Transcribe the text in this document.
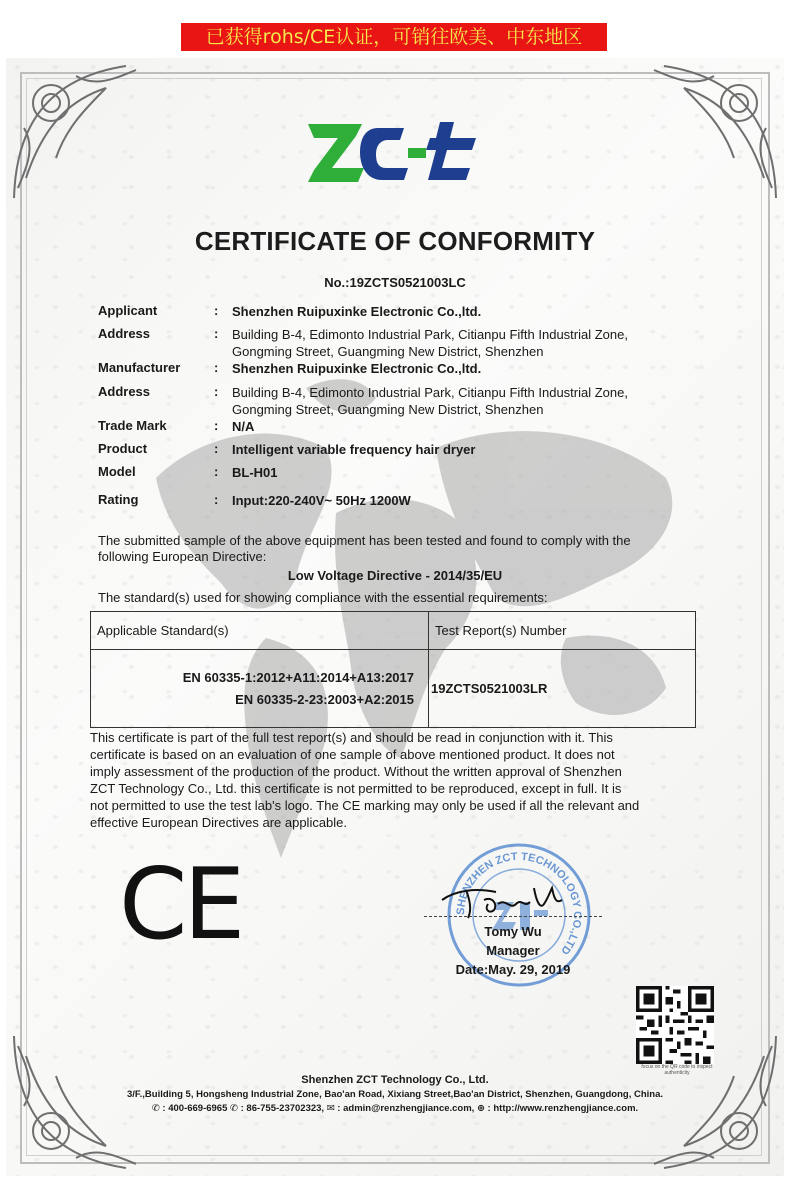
已获得rohs/CE认证，可销往欧美、中东地区
CERTIFICATE OF CONFORMITY
No.:19ZCTS0521003LC
Applicant	: Shenzhen Ruipuxinke Electronic Co.,ltd.
Address	: Building B-4, Edimonto Industrial Park, Citianpu Fifth Industrial Zone,
Gongming Street, Guangming New District, Shenzhen
Manufacturer	: Shenzhen Ruipuxinke Electronic Co.,ltd.
Address	: Building B-4, Edimonto Industrial Park, Citianpu Fifth Industrial Zone,
Gongming Street, Guangming New District, Shenzhen
Trade Mark	: N/A
Product	: Intelligent variable frequency hair dryer
Model	: BL-H01
Rating	: Input:220-240V~ 50Hz 1200W
The submitted sample of the above equipment has been tested and found to comply with the
following European Directive:
Low Voltage Directive - 2014/35/EU
The standard(s) used for showing compliance with the essential requirements:
Applicable Standard(s)	Test Report(s) Number

EN 60335-1:2012+A11:2014+A13:2017
EN 60335-2-23:2003+A2:2015	19ZCTS0521003LR
This certificate is part of the full test report(s) and should be read in conjunction with it. This
certificate is based on an evaluation of one sample of above mentioned product. It does not
imply assessment of the production of the product. Without the written approval of Shenzhen
ZCT Technology Co., Ltd. this certificate is not permitted to be reproduced, except in full. It is
not permitted to use the test lab's logo. The CE marking may only be used if all the relevant and
effective European Directives are applicable.
CE	SHENZHEN ZCT TECHNOLOGY CO.,LTD
Tomy Wu
Manager
Date:May. 29, 2019
focus on the QR code to inspect authenticity
Shenzhen ZCT Technology Co., Ltd.
3/F.,Building 5, Hongsheng Industrial Zone, Bao'an Road, Xixiang Street,Bao'an District, Shenzhen, Guangdong, China.
✆ : 400-669-6965 ✆ : 86-755-23702323, ✉ : admin@renzhengjiance.com, ⊕ : http://www.renzhengjiance.com.
